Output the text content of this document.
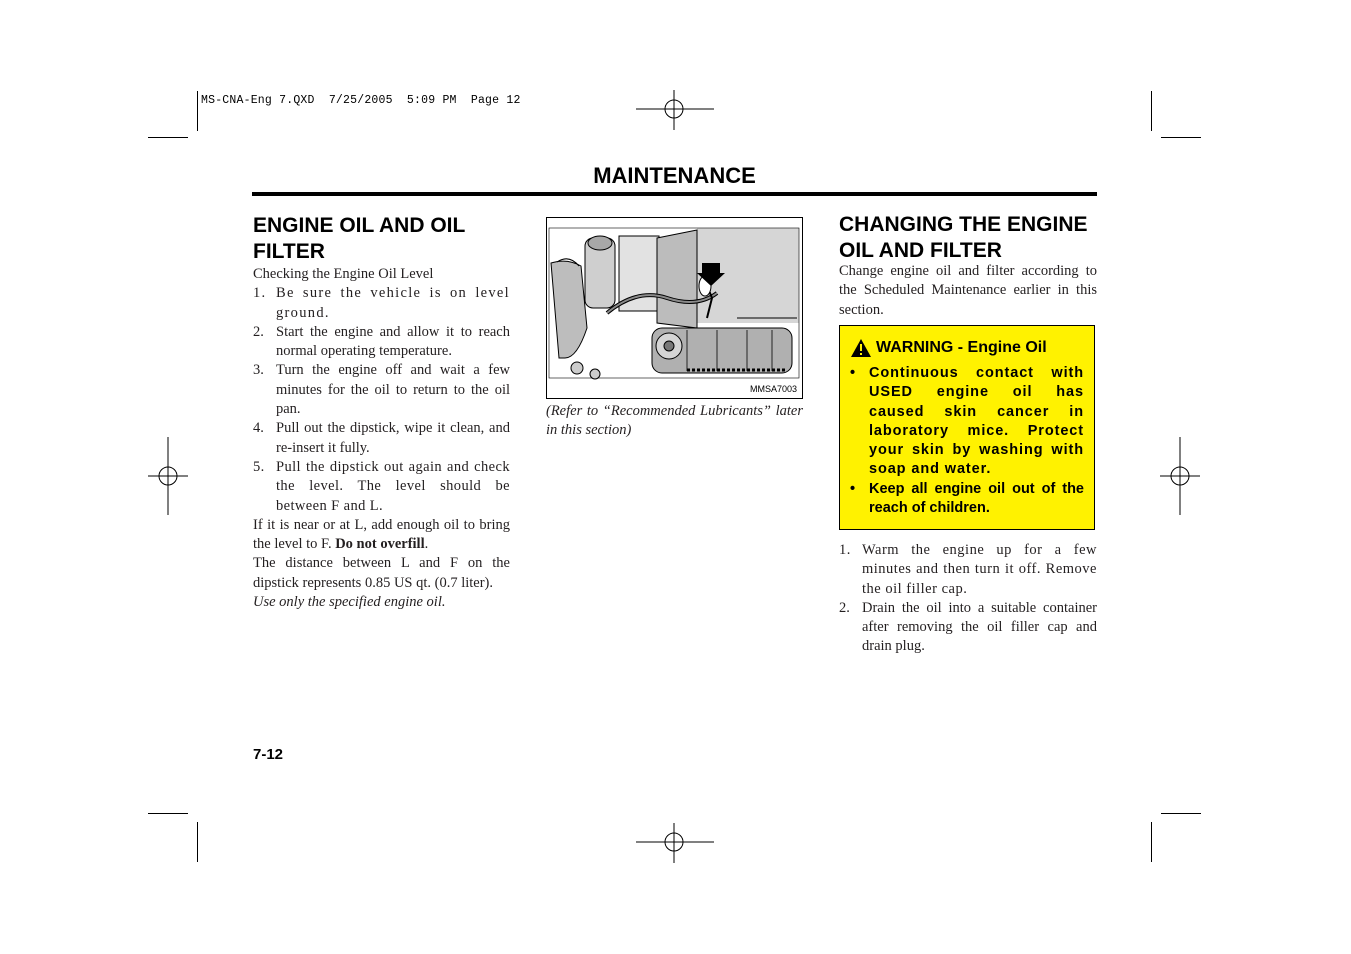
MS-CNA-Eng 7.QXD  7/25/2005  5:09 PM  Page 12
MAINTENANCE
ENGINE OIL AND OIL FILTER

Checking the Engine Oil Level

1. Be sure the vehicle is on level ground.
2. Start the engine and allow it to reach normal operating temperature.
3. Turn the engine off and wait a few minutes for the oil to return to the oil pan.
4. Pull out the dipstick, wipe it clean, and re-insert it fully.
5. Pull the dipstick out again and check the level. The level should be between F and L.

If it is near or at L, add enough oil to bring the level to F. Do not overfill.

The distance between L and F on the dipstick represents 0.85 US qt. (0.7 liter).

Use only the specified engine oil.

MMSA7003
(Refer to “Recommended Lubricants” later in this section)
CHANGING THE ENGINE OIL AND FILTER
Change engine oil and filter according to the Scheduled Maintenance earlier in this section.
WARNING - Engine Oil
• Continuous contact with USED engine oil has caused skin cancer in laboratory mice. Protect your skin by washing with soap and water.
• Keep all engine oil out of the reach of children.
1. Warm the engine up for a few minutes and then turn it off. Remove the oil filler cap.
2. Drain the oil into a suitable container after removing the oil filler cap and drain plug.
7-12
